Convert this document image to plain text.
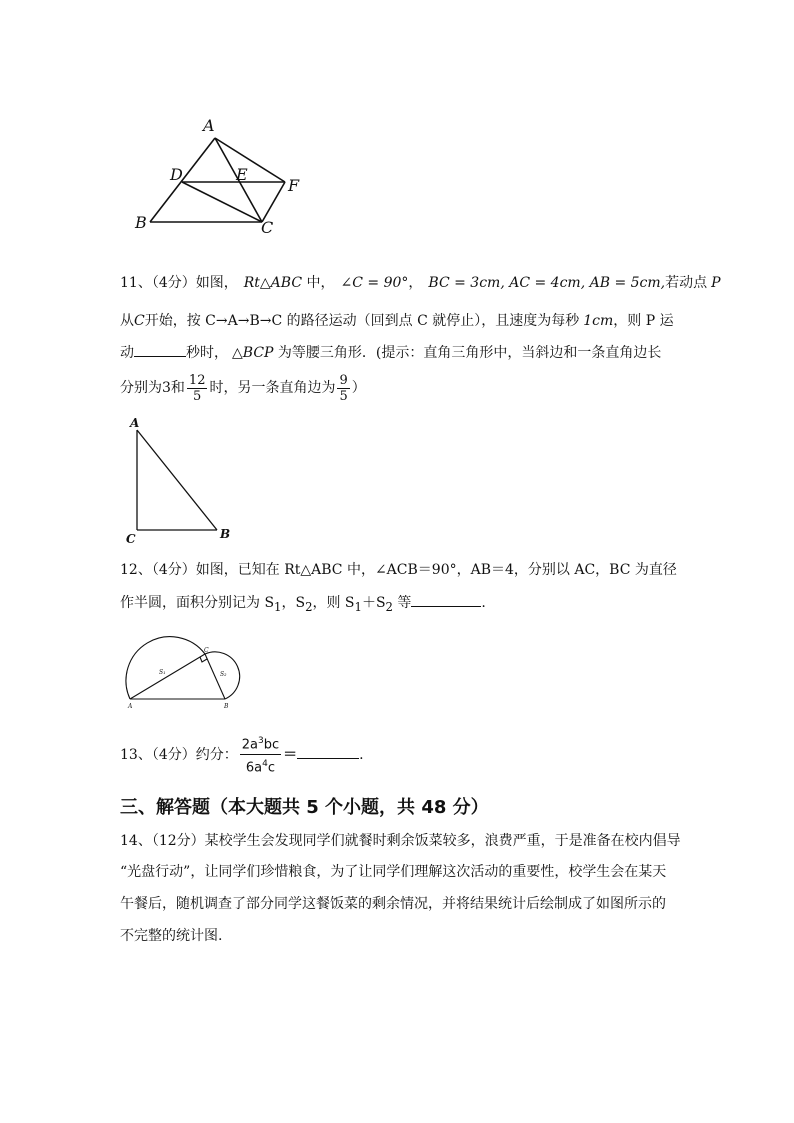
A
D	E
F
B	C
11、（4分）如图， Rt△ABC 中， ∠C = 90°， BC = 3cm, AC = 4cm, AB = 5cm,若动点 P
从C开始，按 C→A→B→C 的路径运动（回到点 C 就停止），且速度为每秒 1cm，则 P 运
动	秒时， △BCP 为等腰三角形．(提示：直角三角形中，当斜边和一条直角边长
分别为3和 $\frac{12}{5}$ 时，另一条直角边为 $\frac{9}{5}$ ）
A
C	B
12、（4分）如图，已知在 Rt△ABC 中，∠ACB＝90°，AB＝4，分别以 AC，BC 为直径
作半圆，面积分别记为 $S_1$，$S_2$，则 $S_1+S_2$ 等	.
A	B
C
S₁	S₂
13、（4分）约分： $\frac{2a^3bc}{6a^4c}$ ＝	.
三、解答题（本大题共 5 个小题，共 48 分）
14、（12分）某校学生会发现同学们就餐时剩余饭菜较多，浪费严重，于是准备在校内倡导
“光盘行动”，让同学们珍惜粮食，为了让同学们理解这次活动的重要性，校学生会在某天
午餐后，随机调查了部分同学这餐饭菜的剩余情况，并将结果统计后绘制成了如图所示的
不完整的统计图.
